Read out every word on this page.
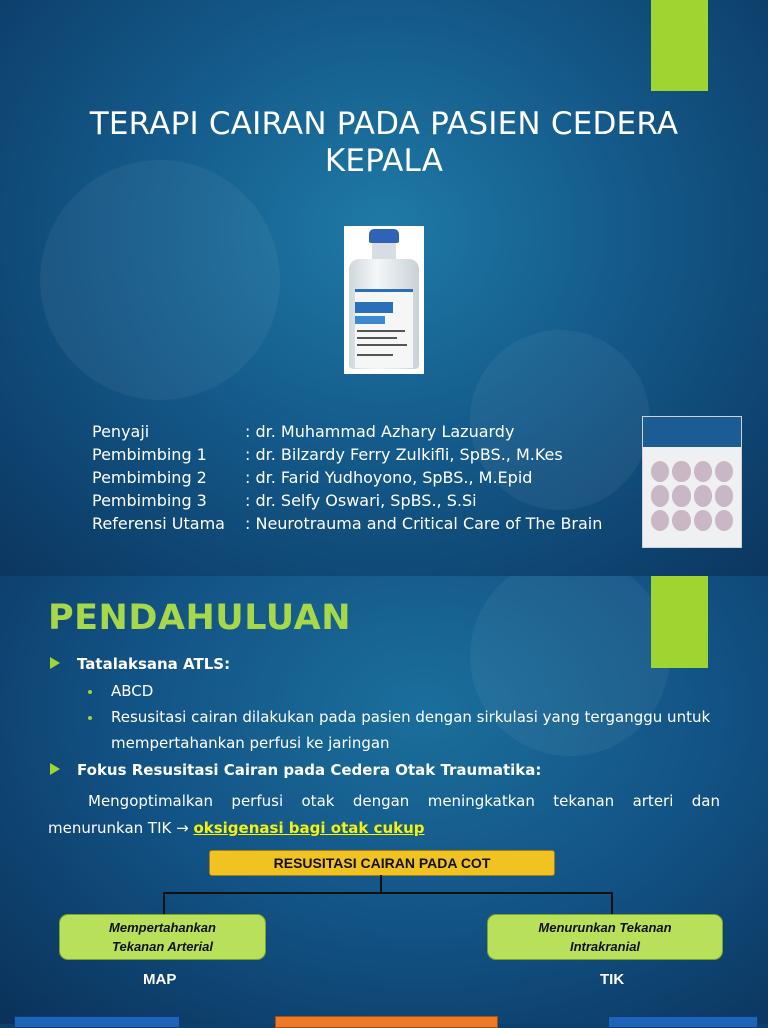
TERAPI CAIRAN PADA PASIEN CEDERA KEPALA
Penyaji	: dr. Muhammad Azhary Lazuardy
Pembimbing 1	: dr. Bilzardy Ferry Zulkifli, SpBS., M.Kes
Pembimbing 2	: dr. Farid Yudhoyono, SpBS., M.Epid
Pembimbing 3	: dr. Selfy Oswari, SpBS., S.Si
Referensi Utama	: Neurotrauma and Critical Care of The Brain
PENDAHULUAN
Tatalaksana ATLS:
ABCD
Resusitasi cairan dilakukan pada pasien dengan sirkulasi yang terganggu untuk
mempertahankan perfusi ke jaringan
Fokus Resusitasi Cairan pada Cedera Otak Traumatika:
Mengoptimalkan perfusi otak dengan meningkatkan tekanan arteri dan menurunkan TIK → oksigenasi bagi otak cukup
RESUSITASI CAIRAN PADA COT
Mempertahankan
Tekanan Arterial
Menurunkan Tekanan
Intrakranial
MAP	TIK
